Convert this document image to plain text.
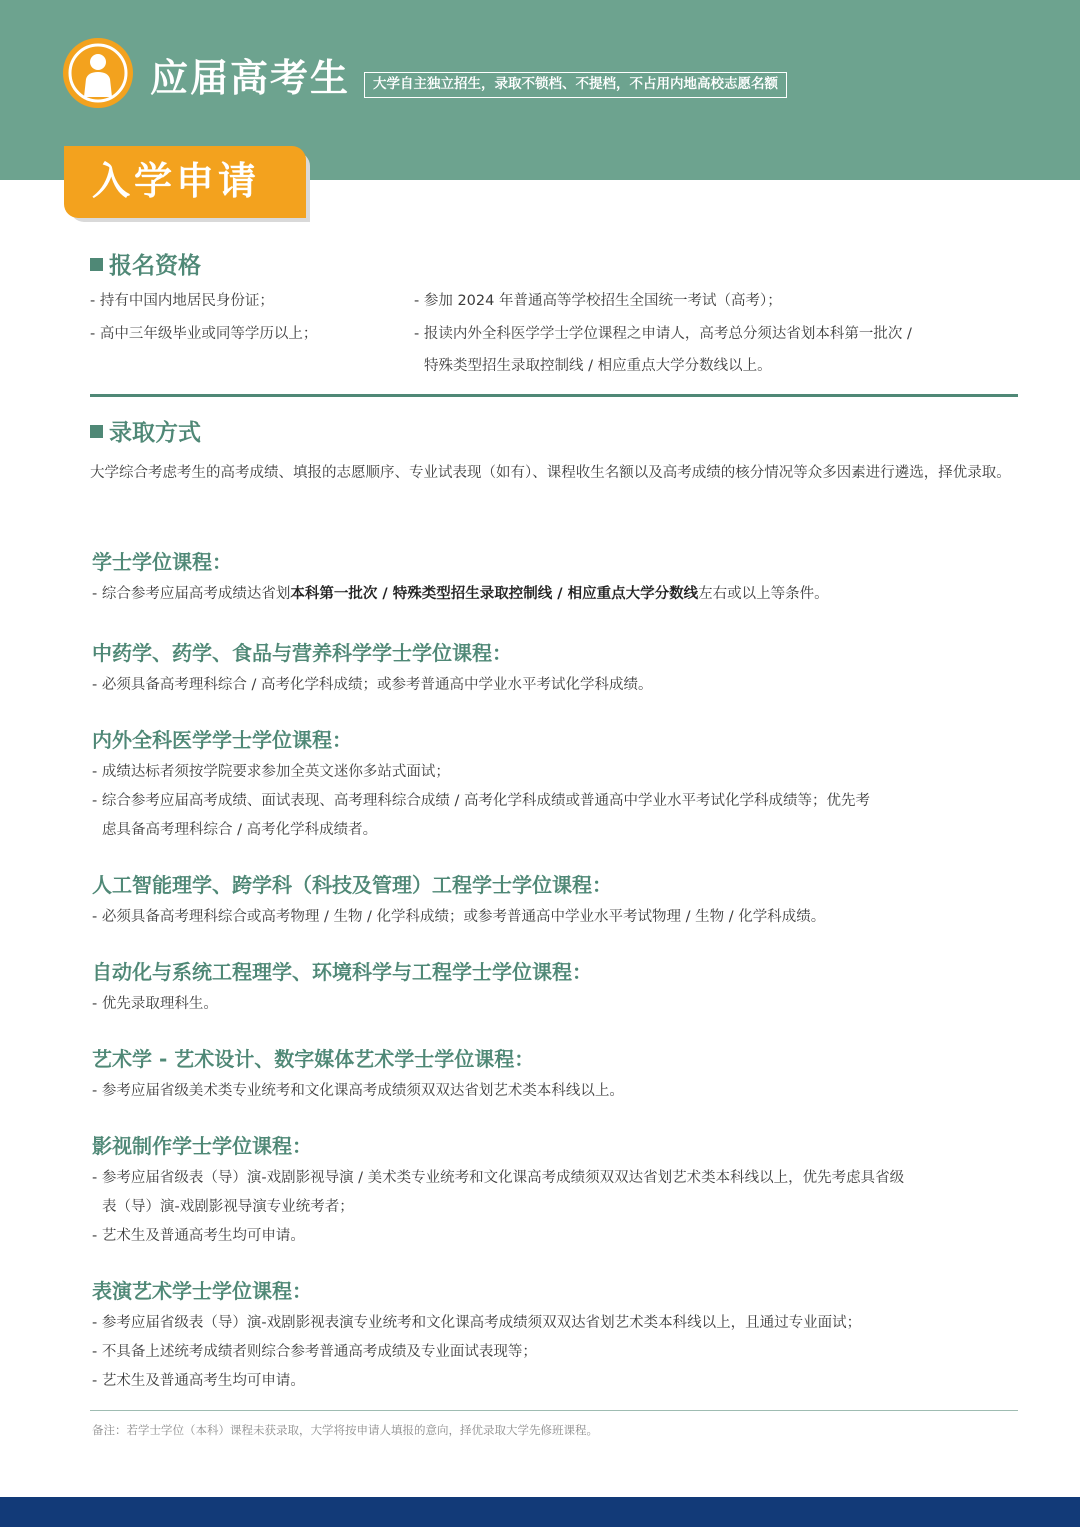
应届高考生	大学自主独立招生，录取不锁档、不提档，不占用内地高校志愿名额
入学申请
报名资格
- 持有中国内地居民身份证；
- 高中三年级毕业或同等学历以上；
- 参加 2024 年普通高等学校招生全国统一考试（高考）；
- 报读内外全科医学学士学位课程之申请人，高考总分须达省划本科第一批次 /
特殊类型招生录取控制线 / 相应重点大学分数线以上。
录取方式
大学综合考虑考生的高考成绩、填报的志愿顺序、专业试表现（如有）、课程收生名额以及高考成绩的核分情况等众多因素进行遴选，择优录取。
学士学位课程：
- 综合参考应届高考成绩达省划本科第一批次 / 特殊类型招生录取控制线 / 相应重点大学分数线左右或以上等条件。
中药学、药学、食品与营养科学学士学位课程：
- 必须具备高考理科综合 / 高考化学科成绩；或参考普通高中学业水平考试化学科成绩。
内外全科医学学士学位课程：
- 成绩达标者须按学院要求参加全英文迷你多站式面试；
- 综合参考应届高考成绩、面试表现、高考理科综合成绩 / 高考化学科成绩或普通高中学业水平考试化学科成绩等；优先考
虑具备高考理科综合 / 高考化学科成绩者。
人工智能理学、跨学科（科技及管理）工程学士学位课程：
- 必须具备高考理科综合或高考物理 / 生物 / 化学科成绩；或参考普通高中学业水平考试物理 / 生物 / 化学科成绩。
自动化与系统工程理学、环境科学与工程学士学位课程：
- 优先录取理科生。
艺术学 - 艺术设计、数字媒体艺术学士学位课程：
- 参考应届省级美术类专业统考和文化课高考成绩须双双达省划艺术类本科线以上。
影视制作学士学位课程：
- 参考应届省级表（导）演-戏剧影视导演 / 美术类专业统考和文化课高考成绩须双双达省划艺术类本科线以上，优先考虑具省级
表（导）演-戏剧影视导演专业统考者；
- 艺术生及普通高考生均可申请。
表演艺术学士学位课程：
- 参考应届省级表（导）演-戏剧影视表演专业统考和文化课高考成绩须双双达省划艺术类本科线以上，且通过专业面试；
- 不具备上述统考成绩者则综合参考普通高考成绩及专业面试表现等；
- 艺术生及普通高考生均可申请。
备注：若学士学位（本科）课程未获录取，大学将按申请人填报的意向，择优录取大学先修班课程。
